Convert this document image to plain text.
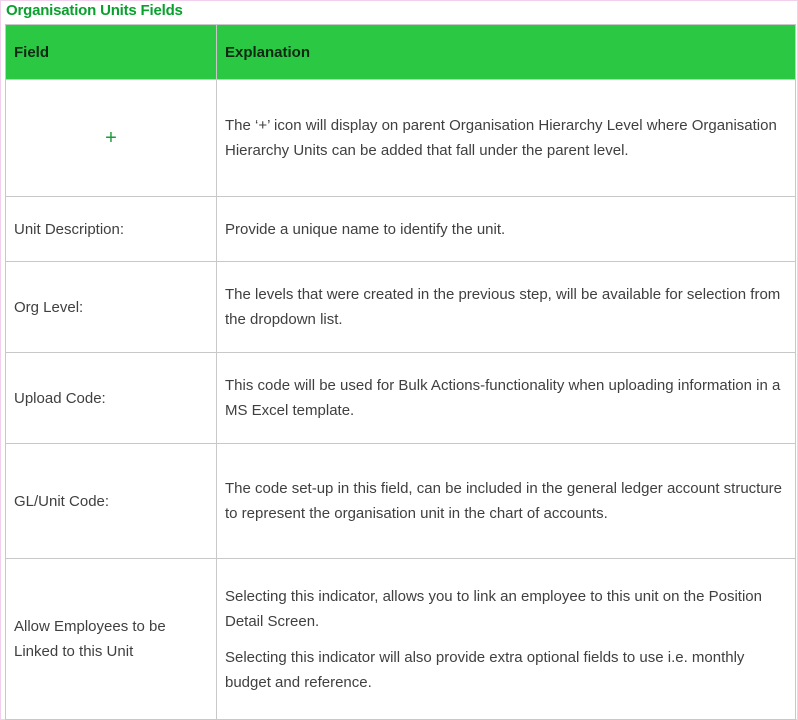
Organisation Units Fields
Field	Explanation
+	The ‘+’ icon will display on parent Organisation Hierarchy Level where Organisation Hierarchy Units can be added that fall under the parent level.

Unit Description:	Provide a unique name to identify the unit.

Org Level:	The levels that were created in the previous step, will be available for selection from the dropdown list.

Upload Code:	This code will be used for Bulk Actions-functionality when uploading information in a MS Excel template.

GL/Unit Code:	The code set-up in this field, can be included in the general ledger account structure to represent the organisation unit in the chart of accounts.

Allow Employees to be Linked to this Unit	Selecting this indicator, allows you to link an employee to this unit on the Position Detail Screen.

Selecting this indicator will also provide extra optional fields to use i.e. monthly budget and reference.
